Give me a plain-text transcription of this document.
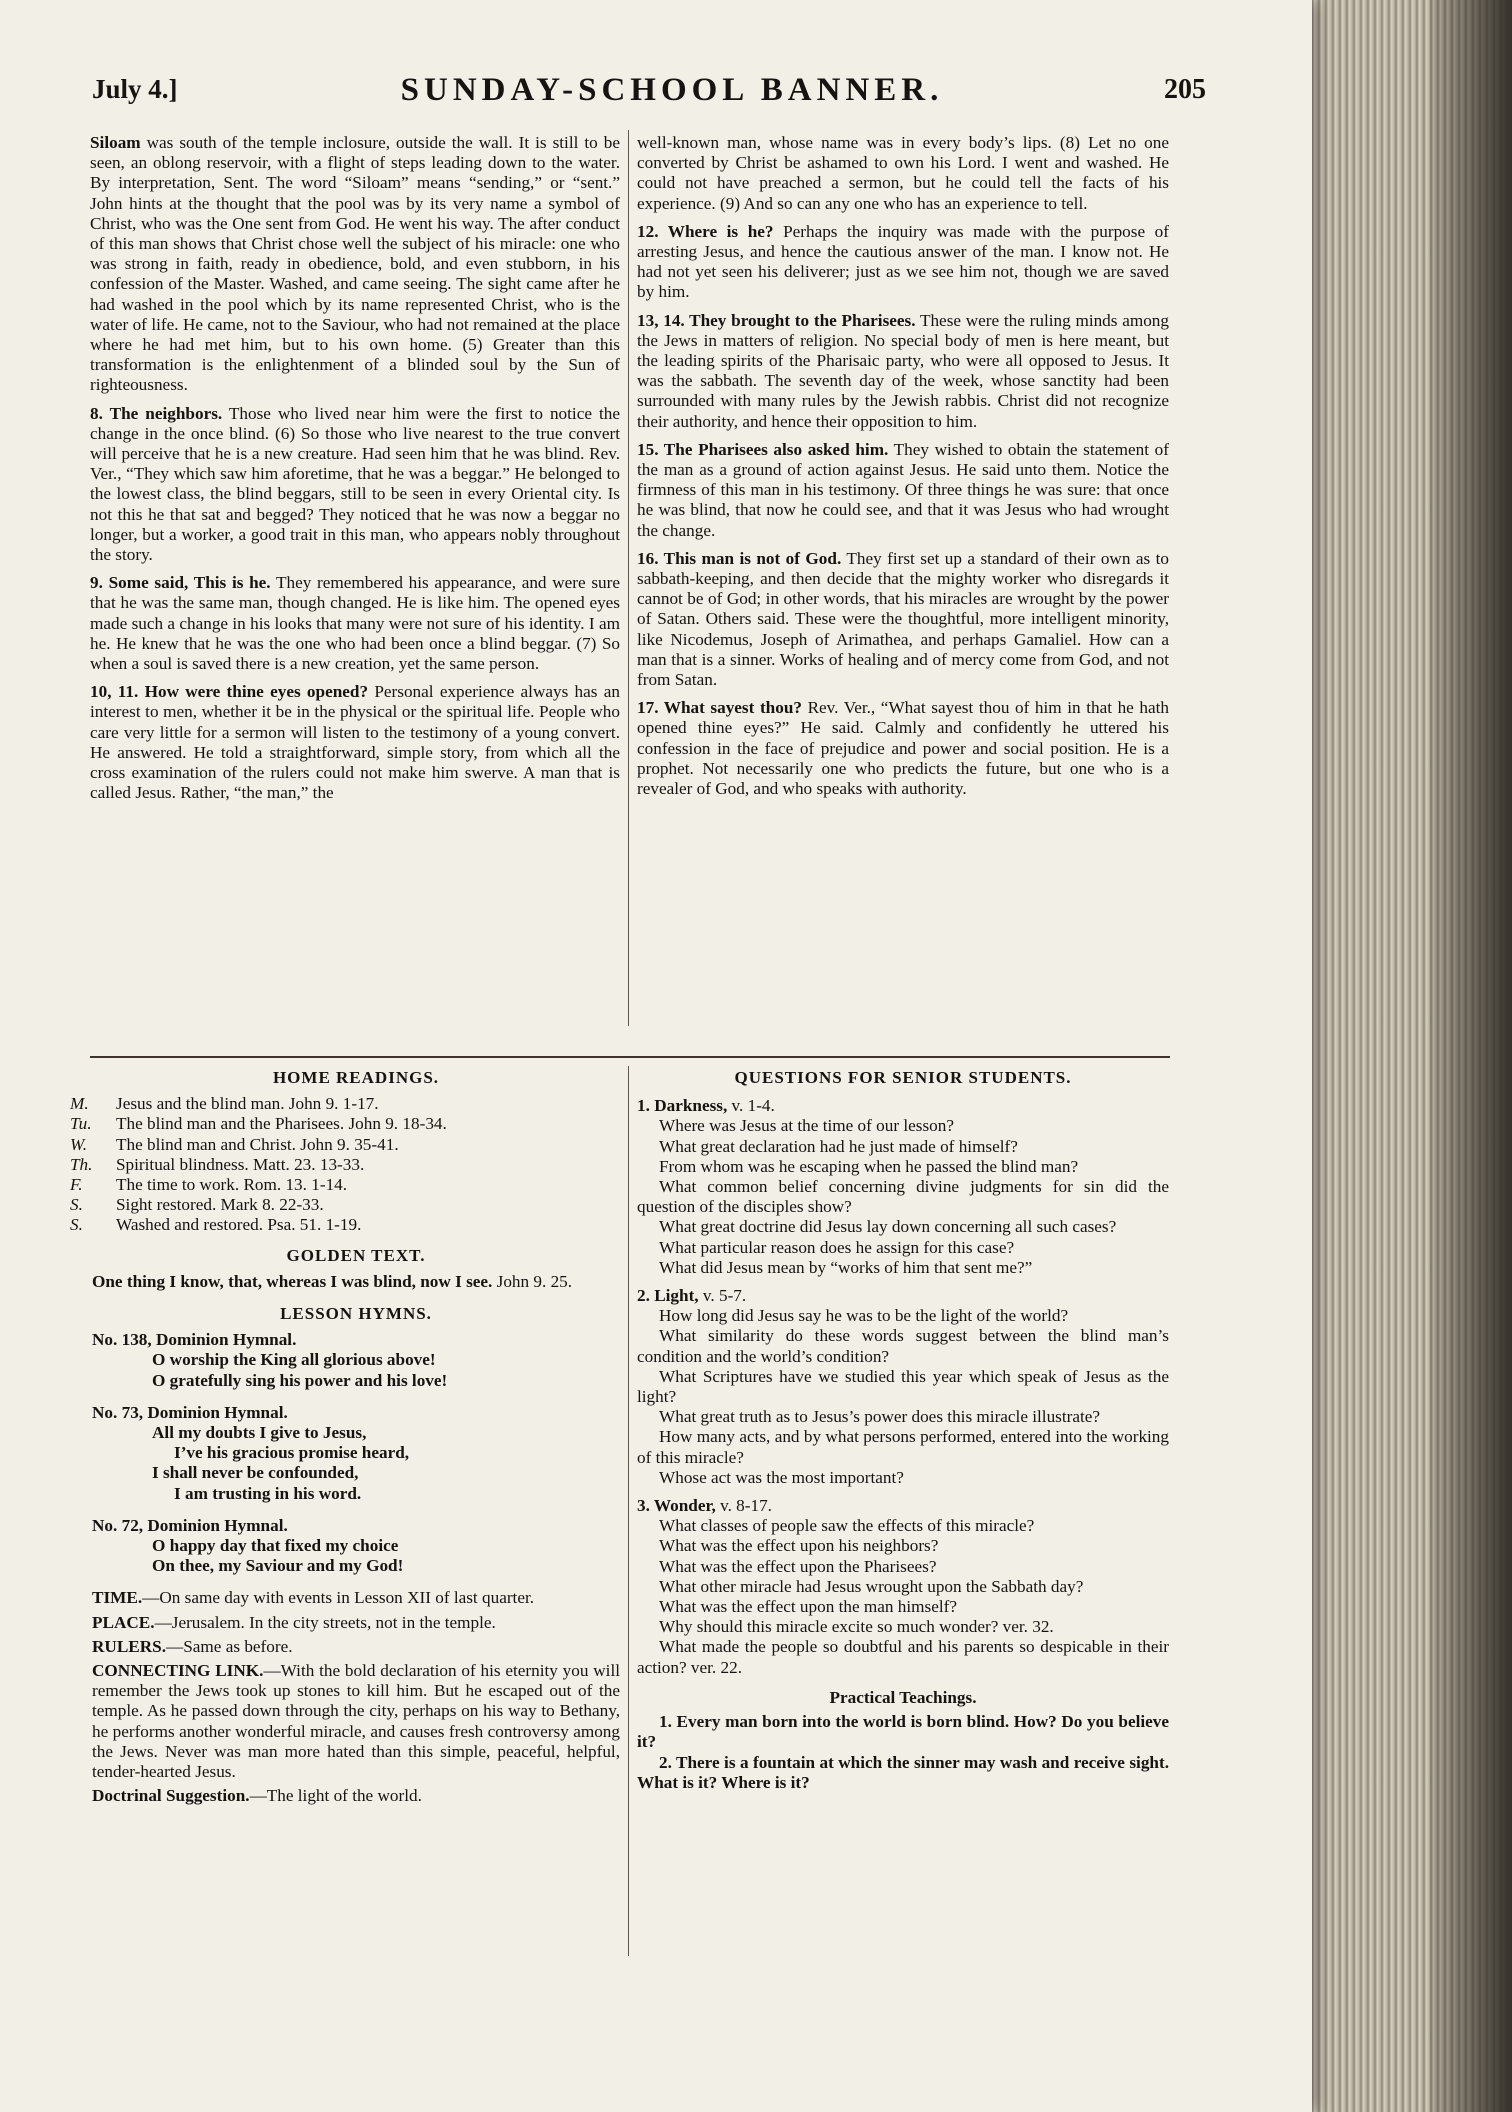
July 4.]	SUNDAY-SCHOOL BANNER.	205

Siloam was south of the temple inclosure, outside the wall. It is still to be seen, an oblong reservoir, with a flight of steps leading down to the water. By interpretation, Sent. The word “Siloam” means “sending,” or “sent.” John hints at the thought that the pool was by its very name a symbol of Christ, who was the One sent from God. He went his way. The after conduct of this man shows that Christ chose well the subject of his miracle: one who was strong in faith, ready in obedience, bold, and even stubborn, in his confession of the Master. Washed, and came seeing. The sight came after he had washed in the pool which by its name represented Christ, who is the water of life. He came, not to the Saviour, who had not remained at the place where he had met him, but to his own home. (5) Greater than this transformation is the enlightenment of a blinded soul by the Sun of righteousness.

8. The neighbors. Those who lived near him were the first to notice the change in the once blind. (6) So those who live nearest to the true convert will perceive that he is a new creature. Had seen him that he was blind. Rev. Ver., “They which saw him aforetime, that he was a beggar.” He belonged to the lowest class, the blind beggars, still to be seen in every Oriental city. Is not this he that sat and begged? They noticed that he was now a beggar no longer, but a worker, a good trait in this man, who appears nobly throughout the story.

9. Some said, This is he. They remembered his appearance, and were sure that he was the same man, though changed. He is like him. The opened eyes made such a change in his looks that many were not sure of his identity. I am he. He knew that he was the one who had been once a blind beggar. (7) So when a soul is saved there is a new creation, yet the same person.

10, 11. How were thine eyes opened? Personal experience always has an interest to men, whether it be in the physical or the spiritual life. People who care very little for a sermon will listen to the testimony of a young convert. He answered. He told a straightforward, simple story, from which all the cross examination of the rulers could not make him swerve. A man that is called Jesus. Rather, “the man,” the

well-known man, whose name was in every body’s lips. (8) Let no one converted by Christ be ashamed to own his Lord. I went and washed. He could not have preached a sermon, but he could tell the facts of his experience. (9) And so can any one who has an experience to tell.

12. Where is he? Perhaps the inquiry was made with the purpose of arresting Jesus, and hence the cautious answer of the man. I know not. He had not yet seen his deliverer; just as we see him not, though we are saved by him.

13, 14. They brought to the Pharisees. These were the ruling minds among the Jews in matters of religion. No special body of men is here meant, but the leading spirits of the Pharisaic party, who were all opposed to Jesus. It was the sabbath. The seventh day of the week, whose sanctity had been surrounded with many rules by the Jewish rabbis. Christ did not recognize their authority, and hence their opposition to him.

15. The Pharisees also asked him. They wished to obtain the statement of the man as a ground of action against Jesus. He said unto them. Notice the firmness of this man in his testimony. Of three things he was sure: that once he was blind, that now he could see, and that it was Jesus who had wrought the change.

16. This man is not of God. They first set up a standard of their own as to sabbath-keeping, and then decide that the mighty worker who disregards it cannot be of God; in other words, that his miracles are wrought by the power of Satan. Others said. These were the thoughtful, more intelligent minority, like Nicodemus, Joseph of Arimathea, and perhaps Gamaliel. How can a man that is a sinner. Works of healing and of mercy come from God, and not from Satan.

17. What sayest thou? Rev. Ver., “What sayest thou of him in that he hath opened thine eyes?” He said. Calmly and confidently he uttered his confession in the face of prejudice and power and social position. He is a prophet. Not necessarily one who predicts the future, but one who is a revealer of God, and who speaks with authority.

HOME READINGS.
M. Jesus and the blind man. John 9. 1-17.
Tu. The blind man and the Pharisees. John 9. 18-34.
W. The blind man and Christ. John 9. 35-41.
Th. Spiritual blindness. Matt. 23. 13-33.
F. The time to work. Rom. 13. 1-14.
S. Sight restored. Mark 8. 22-33.
S. Washed and restored. Psa. 51. 1-19.
GOLDEN TEXT.

One thing I know, that, whereas I was blind, now I see. John 9. 25.

LESSON HYMNS.
No. 138, Dominion Hymnal.
O worship the King all glorious above!
O gratefully sing his power and his love!
No. 73, Dominion Hymnal.
All my doubts I give to Jesus,
I’ve his gracious promise heard,
I shall never be confounded,
I am trusting in his word.
No. 72, Dominion Hymnal.
O happy day that fixed my choice
On thee, my Saviour and my God!

TIME.—On same day with events in Lesson XII of last quarter.

PLACE.—Jerusalem. In the city streets, not in the temple.

RULERS.—Same as before.

CONNECTING LINK.—With the bold declaration of his eternity you will remember the Jews took up stones to kill him. But he escaped out of the temple. As he passed down through the city, perhaps on his way to Bethany, he performs another wonderful miracle, and causes fresh controversy among the Jews. Never was man more hated than this simple, peaceful, helpful, tender-hearted Jesus.

Doctrinal Suggestion.—The light of the world.

QUESTIONS FOR SENIOR STUDENTS.
1. Darkness, v. 1-4.
Where was Jesus at the time of our lesson?
What great declaration had he just made of himself?
From whom was he escaping when he passed the blind man?
What common belief concerning divine judgments for sin did the question of the disciples show?
What great doctrine did Jesus lay down concerning all such cases?
What particular reason does he assign for this case?
What did Jesus mean by “works of him that sent me?”
2. Light, v. 5-7.
How long did Jesus say he was to be the light of the world?
What similarity do these words suggest between the blind man’s condition and the world’s condition?
What Scriptures have we studied this year which speak of Jesus as the light?
What great truth as to Jesus’s power does this miracle illustrate?
How many acts, and by what persons performed, entered into the working of this miracle?
Whose act was the most important?
3. Wonder, v. 8-17.
What classes of people saw the effects of this miracle?
What was the effect upon his neighbors?
What was the effect upon the Pharisees?
What other miracle had Jesus wrought upon the Sabbath day?
What was the effect upon the man himself?
Why should this miracle excite so much wonder? ver. 32.
What made the people so doubtful and his parents so despicable in their action? ver. 22.
Practical Teachings.
1. Every man born into the world is born blind. How? Do you believe it?
2. There is a fountain at which the sinner may wash and receive sight. What is it? Where is it?
